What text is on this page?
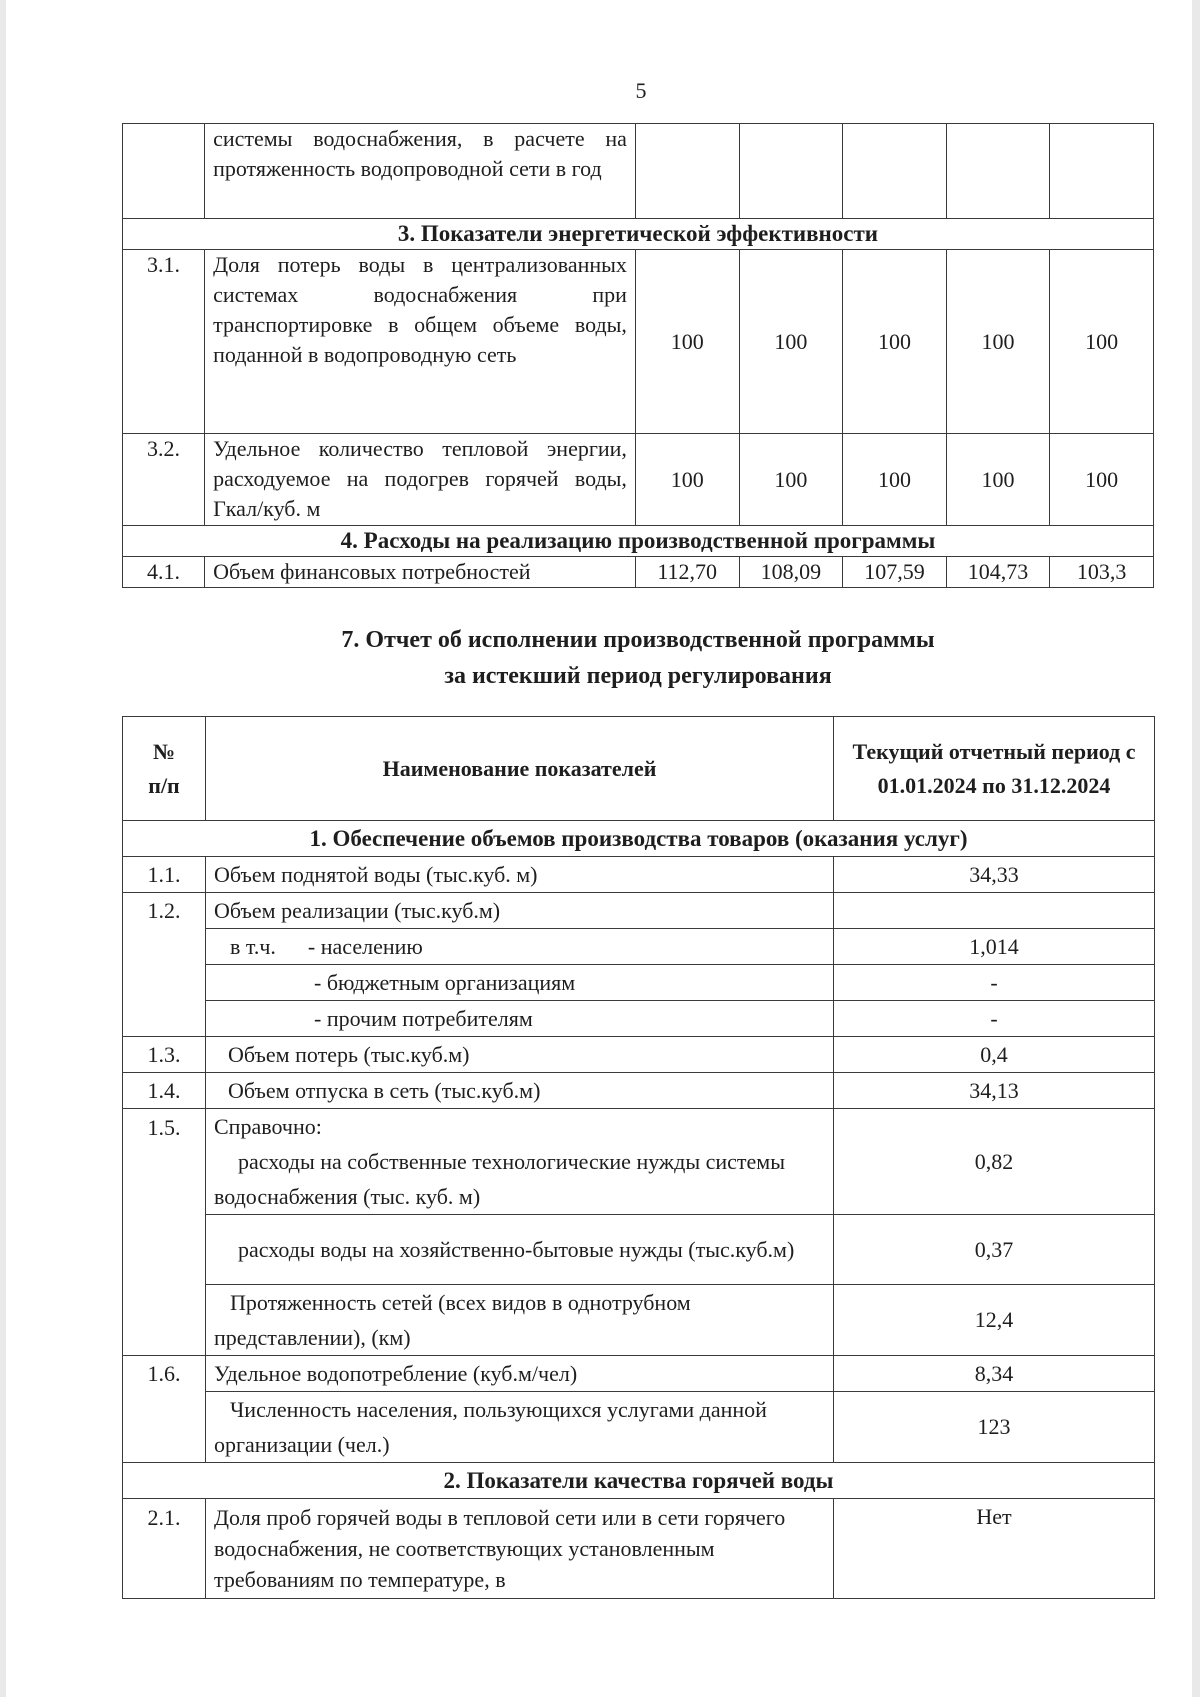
5
	системы водоснабжения, в расчете на протяженность водопроводной сети в год					
3. Показатели энергетической эффективности						
3.1.	Доля потерь воды в централизованных системах водоснабжения при транспортировке в общем объеме воды, поданной в водопроводную сеть	100	100	100	100	100
3.2.	Удельное количество тепловой энергии, расходуемое на подогрев горячей воды, Гкал/куб. м	100	100	100	100	100
4. Расходы на реализацию производственной программы						
4.1.	Объем финансовых потребностей	112,70	108,09	107,59	104,73	103,3
7. Отчет об исполнении производственной программы
за истекший период регулирования
№ п/п	Наименование показателей	Текущий отчетный период с 01.01.2024 по 31.12.2024
1. Обеспечение объемов производства товаров (оказания услуг)		
1.1.	Объем поднятой воды (тыс.куб. м)	34,33
1.2.	Объем реализации (тыс.куб.м)	
	в т.ч. - населению	1,014
	- бюджетным организациям	-
	- прочим потребителям	-
1.3.	Объем потерь (тыс.куб.м)	0,4
1.4.	Объем отпуска в сеть (тыс.куб.м)	34,13
1.5.	Справочно:
расходы на собственные технологические нужды системы водоснабжения (тыс. куб. м)	0,82
	расходы воды на хозяйственно-бытовые нужды (тыс.куб.м)	0,37
	Протяженность сетей (всех видов в однотрубном представлении), (км)	12,4
1.6.	Удельное водопотребление (куб.м/чел)	8,34
	Численность населения, пользующихся услугами данной организации (чел.)	123
2. Показатели качества горячей воды		
2.1.	Доля проб горячей воды в тепловой сети или в сети горячего водоснабжения, не соответствующих установленным требованиям по температуре, в	Нет
